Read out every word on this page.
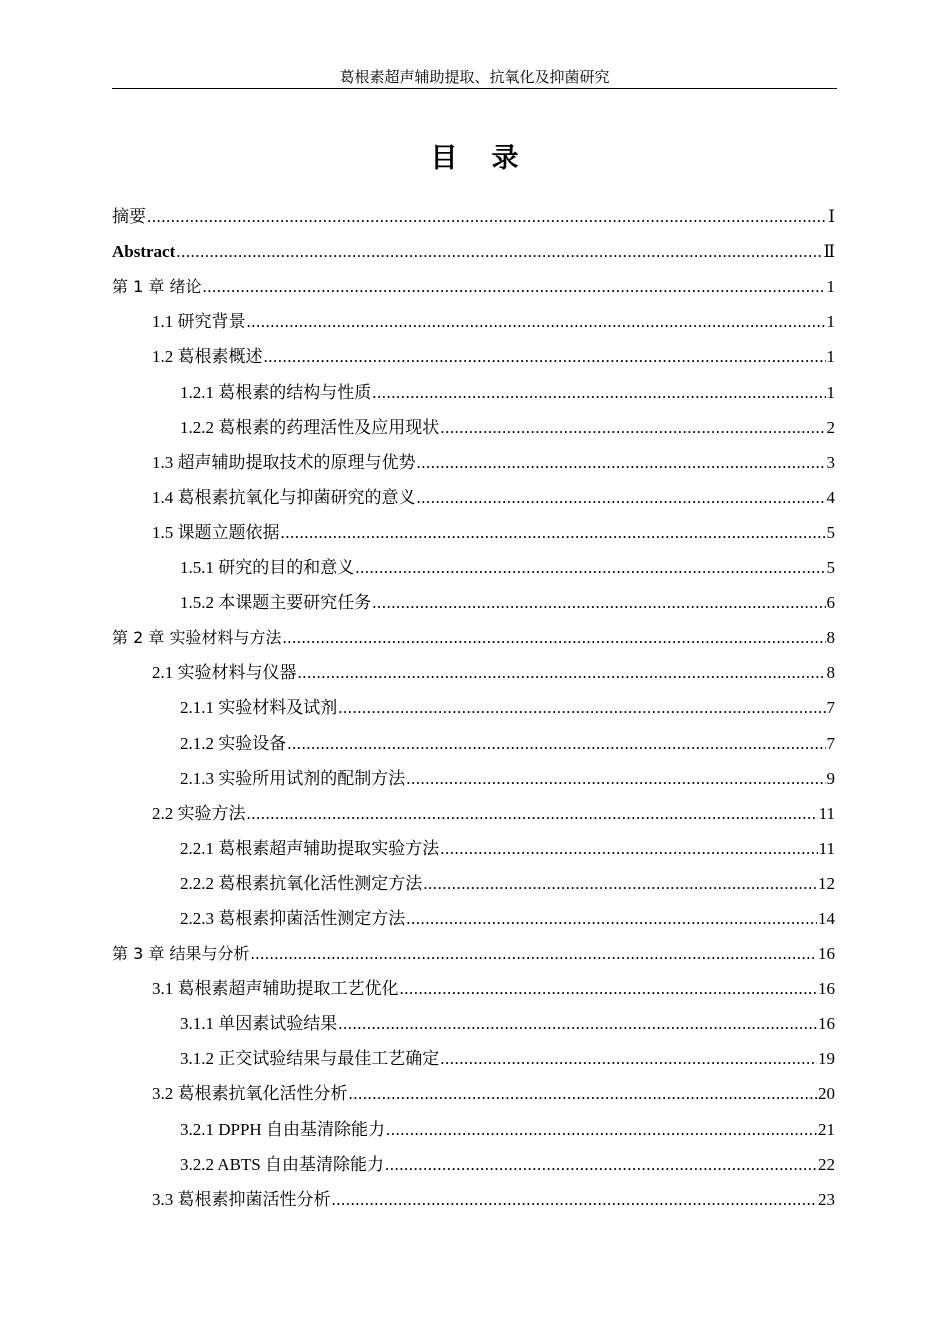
葛根素超声辅助提取、抗氧化及抑菌研究
目录
摘要 .....	Ⅰ
Abstract .....	Ⅱ
第 1 章 绪论 .....	1
1.1 研究背景 .....	1
1.2 葛根素概述 .....	1
1.2.1 葛根素的结构与性质 .....	1
1.2.2 葛根素的药理活性及应用现状 .....	2
1.3 超声辅助提取技术的原理与优势 .....	3
1.4 葛根素抗氧化与抑菌研究的意义 .....	4
1.5 课题立题依据 .....	5
1.5.1 研究的目的和意义 .....	5
1.5.2 本课题主要研究任务 .....	6
第 2 章 实验材料与方法 .....	8
2.1 实验材料与仪器 .....	8
2.1.1 实验材料及试剂 .....	7
2.1.2 实验设备 .....	7
2.1.3 实验所用试剂的配制方法 .....	9
2.2 实验方法 .....	11
2.2.1 葛根素超声辅助提取实验方法 .....	11
2.2.2 葛根素抗氧化活性测定方法 .....	12
2.2.3 葛根素抑菌活性测定方法 .....	14
第 3 章 结果与分析 .....	16
3.1 葛根素超声辅助提取工艺优化 .....	16
3.1.1 单因素试验结果 .....	16
3.1.2 正交试验结果与最佳工艺确定 .....	19
3.2 葛根素抗氧化活性分析 .....	20
3.2.1 DPPH 自由基清除能力 .....	21
3.2.2 ABTS 自由基清除能力 .....	22
3.3 葛根素抑菌活性分析 .....	23
